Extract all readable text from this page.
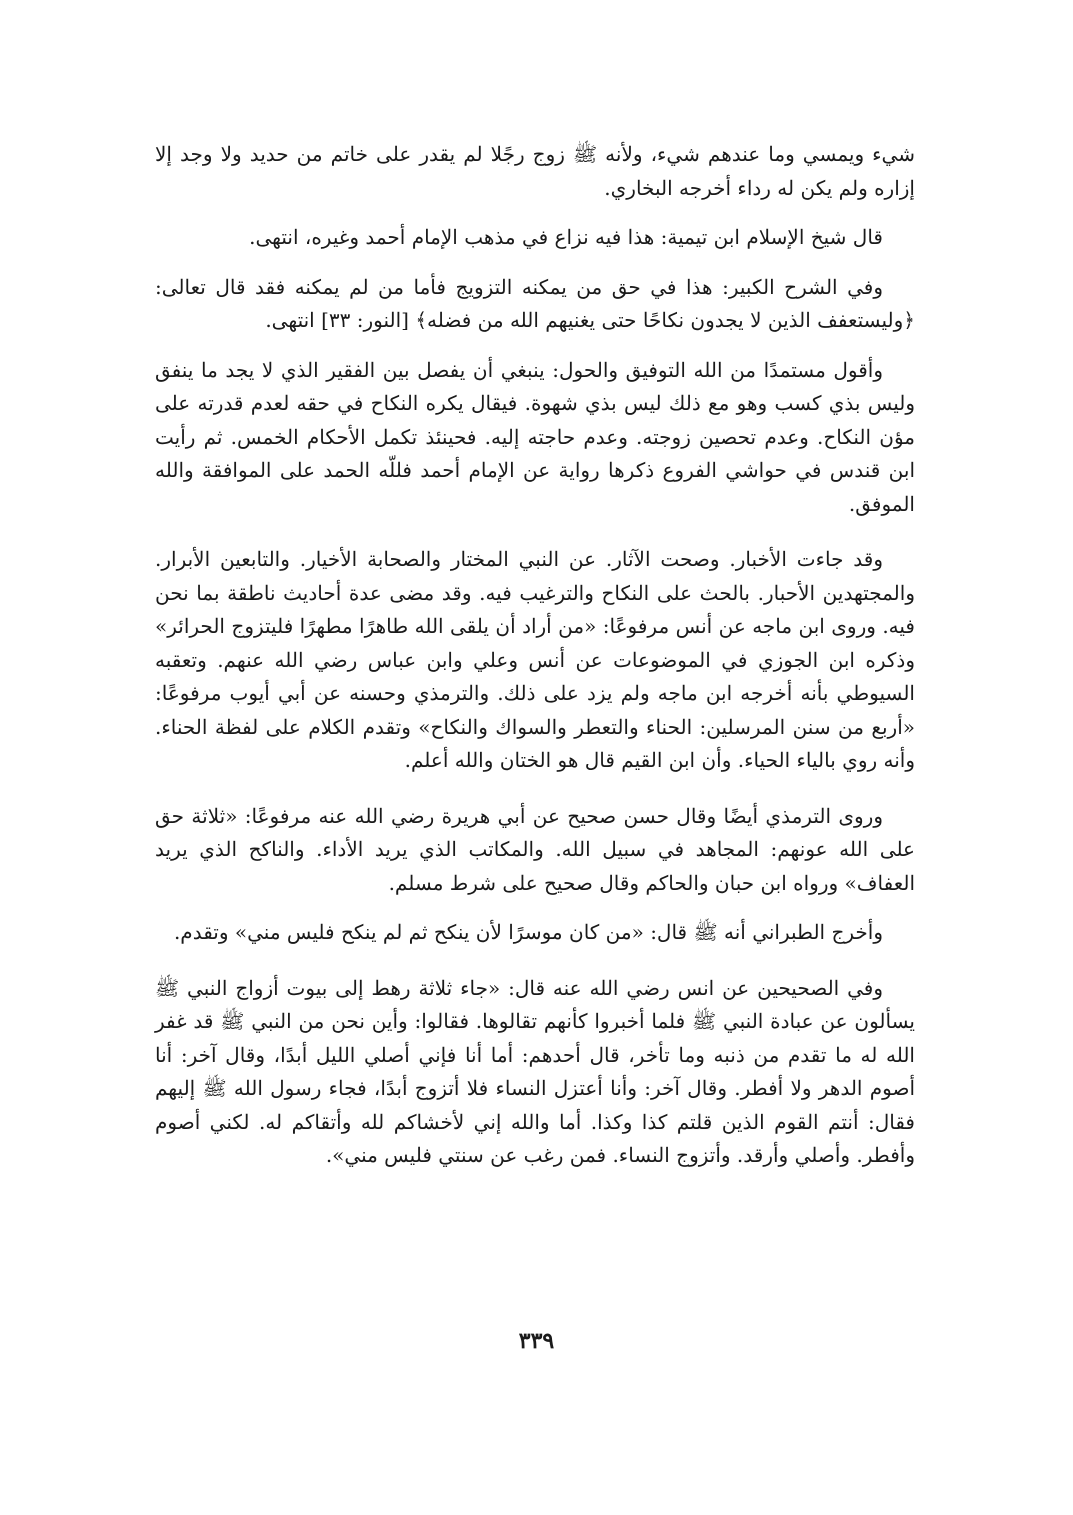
شيء ويمسي وما عندهم شيء، ولأنه ﷺ زوج رجًلا لم يقدر على خاتم من حديد ولا وجد إلا إزاره ولم يكن له رداء أخرجه البخاري.

قال شيخ الإسلام ابن تيمية: هذا فيه نزاع في مذهب الإمام أحمد وغيره، انتهى.

وفي الشرح الكبير: هذا في حق من يمكنه التزويج فأما من لم يمكنه فقد قال تعالى: ﴿وليستعفف الذين لا يجدون نكاحًا حتى يغنيهم الله من فضله﴾ [النور: ٣٣] انتهى.

وأقول مستمدًا من الله التوفيق والحول: ينبغي أن يفصل بين الفقير الذي لا يجد ما ينفق وليس بذي كسب وهو مع ذلك ليس بذي شهوة. فيقال يكره النكاح في حقه لعدم قدرته على مؤن النكاح. وعدم تحصين زوجته. وعدم حاجته إليه. فحينئذ تكمل الأحكام الخمس. ثم رأيت ابن قندس في حواشي الفروع ذكرها رواية عن الإمام أحمد فللّه الحمد على الموافقة والله الموفق.

وقد جاءت الأخبار. وصحت الآثار. عن النبي المختار والصحابة الأخيار. والتابعين الأبرار. والمجتهدين الأحبار. بالحث على النكاح والترغيب فيه. وقد مضى عدة أحاديث ناطقة بما نحن فيه. وروى ابن ماجه عن أنس مرفوعًا: «من أراد أن يلقى الله طاهرًا مطهرًا فليتزوج الحرائر» وذكره ابن الجوزي في الموضوعات عن أنس وعلي وابن عباس رضي الله عنهم. وتعقبه السيوطي بأنه أخرجه ابن ماجه ولم يزد على ذلك. والترمذي وحسنه عن أبي أيوب مرفوعًا: «أربع من سنن المرسلين: الحناء والتعطر والسواك والنكاح» وتقدم الكلام على لفظة الحناء. وأنه روي بالياء الحياء. وأن ابن القيم قال هو الختان والله أعلم.

وروى الترمذي أيضًا وقال حسن صحيح عن أبي هريرة رضي الله عنه مرفوعًا: «ثلاثة حق على الله عونهم: المجاهد في سبيل الله. والمكاتب الذي يريد الأداء. والناكح الذي يريد العفاف» ورواه ابن حبان والحاكم وقال صحيح على شرط مسلم.

وأخرج الطبراني أنه ﷺ قال: «من كان موسرًا لأن ينكح ثم لم ينكح فليس مني» وتقدم.

وفي الصحيحين عن انس رضي الله عنه قال: «جاء ثلاثة رهط إلى بيوت أزواج النبي ﷺ يسألون عن عبادة النبي ﷺ فلما أخبروا كأنهم تقالوها. فقالوا: وأين نحن من النبي ﷺ قد غفر الله له ما تقدم من ذنبه وما تأخر، قال أحدهم: أما أنا فإني أصلي الليل أبدًا، وقال آخر: أنا أصوم الدهر ولا أفطر. وقال آخر: وأنا أعتزل النساء فلا أتزوج أبدًا، فجاء رسول الله ﷺ إليهم فقال: أنتم القوم الذين قلتم كذا وكذا. أما والله إني لأخشاكم لله وأتقاكم له. لكني أصوم وأفطر. وأصلي وأرقد. وأتزوج النساء. فمن رغب عن سنتي فليس مني».

٣٣٩
